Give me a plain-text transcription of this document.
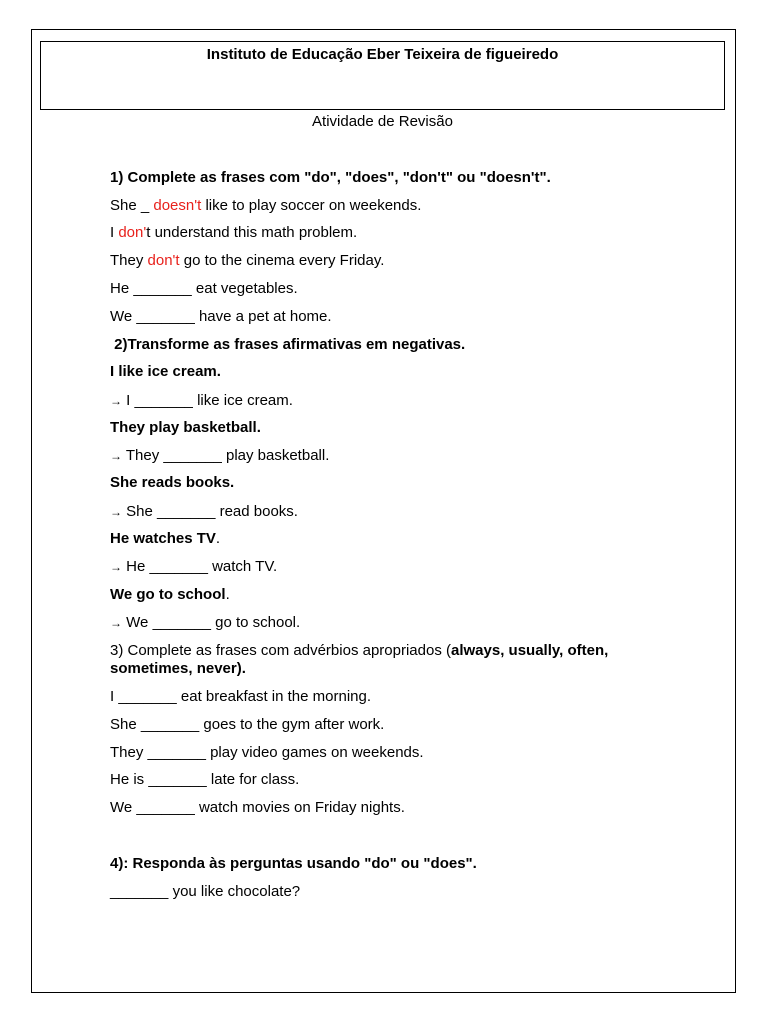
Instituto de Educação Eber Teixeira de figueiredo
Atividade de Revisão
1) Complete as frases com "do", "does", "don't" ou "doesn't".
She _ doesn't like to play soccer on weekends.
I don't understand this math problem.
They don't go to the cinema every Friday.
He _______ eat vegetables.
We _______ have a pet at home.
2)Transforme as frases afirmativas em negativas.
I like ice cream.
→ I _______ like ice cream.
They play basketball.
→ They _______ play basketball.
She reads books.
→ She _______ read books.
He watches TV.
→ He _______ watch TV.
We go to school.
→ We _______ go to school.
3) Complete as frases com advérbios apropriados (always, usually, often, sometimes, never).
I _______ eat breakfast in the morning.
She _______ goes to the gym after work.
They _______ play video games on weekends.
He is _______ late for class.
We _______ watch movies on Friday nights.
4): Responda às perguntas usando "do" ou "does".
_______ you like chocolate?
